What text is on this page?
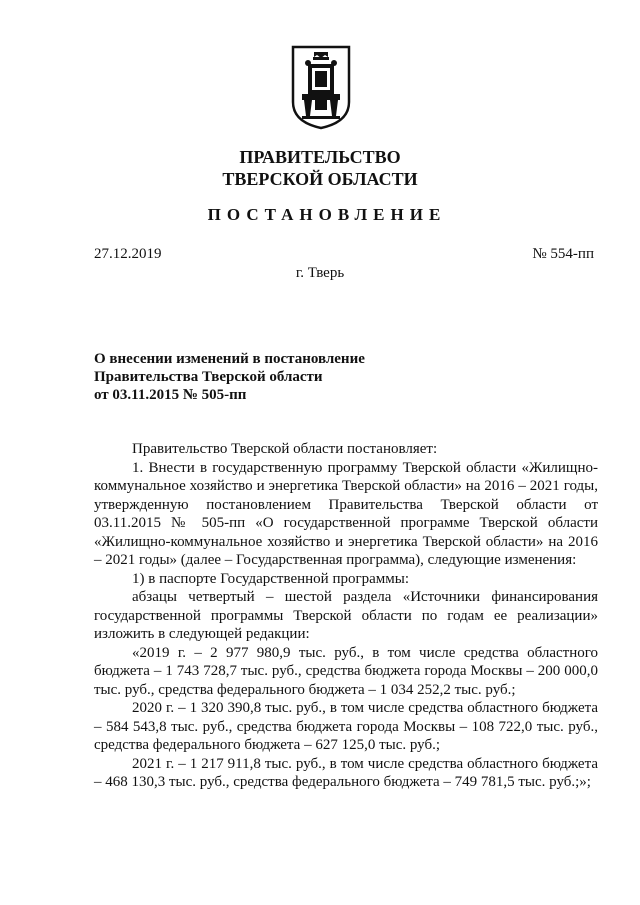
ПРАВИТЕЛЬСТВО
ТВЕРСКОЙ ОБЛАСТИ
ПОСТАНОВЛЕНИЕ
27.12.2019	№ 554-пп
г. Тверь
О внесении изменений в постановление
Правительства Тверской области
от 03.11.2015 № 505-пп

Правительство Тверской области постановляет:

1. Внести в государственную программу Тверской области «Жилищно-коммунальное хозяйство и энергетика Тверской области» на 2016 – 2021 годы, утвержденную постановлением Правительства Тверской области от 03.11.2015 № 505-пп «О государственной программе Тверской области «Жилищно-коммунальное хозяйство и энергетика Тверской области» на 2016 – 2021 годы» (далее – Государственная программа), следующие изменения:

1) в паспорте Государственной программы:

абзацы четвертый – шестой раздела «Источники финансирования государственной программы Тверской области по годам ее реализации» изложить в следующей редакции:

«2019 г. – 2 977 980,9 тыс. руб., в том числе средства областного бюджета – 1 743 728,7 тыс. руб., средства бюджета города Москвы – 200 000,0 тыс. руб., средства федерального бюджета – 1 034 252,2 тыс. руб.;

2020 г. – 1 320 390,8 тыс. руб., в том числе средства областного бюджета – 584 543,8 тыс. руб., средства бюджета города Москвы – 108 722,0 тыс. руб., средства федерального бюджета – 627 125,0 тыс. руб.;

2021 г. – 1 217 911,8 тыс. руб., в том числе средства областного бюджета – 468 130,3 тыс. руб., средства федерального бюджета – 749 781,5 тыс. руб.;»;
